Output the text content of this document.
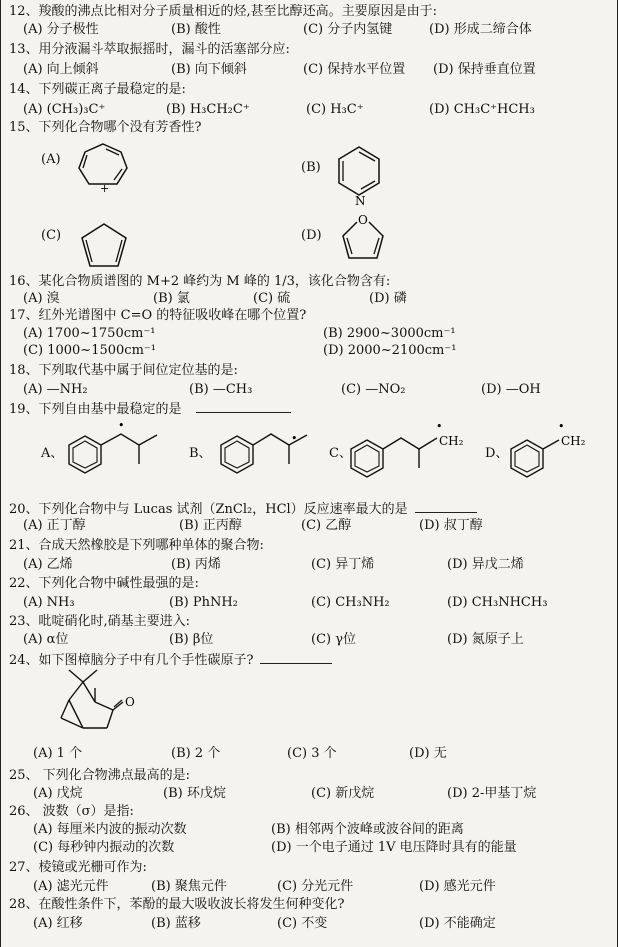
12、羧酸的沸点比相对分子质量相近的烃,甚至比醇还高。主要原因是由于:
(A) 分子极性	(B) 酸性	(C) 分子内氢键	(D) 形成二缔合体
13、用分液漏斗萃取振摇时，漏斗的活塞部分应:
(A) 向上倾斜	(B) 向下倾斜	(C) 保持水平位置 (D) 保持垂直位置
14、下列碳正离子最稳定的是:
(A) (CH₃)₃C⁺	(B) H₃CH₂C⁺	(C) H₃C⁺	(D) CH₃C⁺HCH₃
15、下列化合物哪个没有芳香性?
(A)
+
(B)
N
(C)	(D)
O
16、某化合物质谱图的 M+2 峰约为 M 峰的 1/3，该化合物含有:
(A) 溴	(B) 氯	(C) 硫	(D) 磷
17、红外光谱图中 C=O 的特征吸收峰在哪个位置?
(A) 1700~1750cm⁻¹	(B) 2900~3000cm⁻¹
(C) 1000~1500cm⁻¹	(D) 2000~2100cm⁻¹
18、下列取代基中属于间位定位基的是:
(A) —NH₂	(B) —CH₃	(C) —NO₂	(D) —OH
19、下列自由基中最稳定的是
A、
•
B、
•
C、
•
CH₂
D、
•
CH₂
20、下列化合物中与 Lucas 试剂（ZnCl₂，HCl）反应速率最大的是
(A) 正丁醇	(B) 正丙醇	(C) 乙醇	(D) 叔丁醇
21、合成天然橡胶是下列哪种单体的聚合物:
(A) 乙烯	(B) 丙烯	(C) 异丁烯	(D) 异戊二烯
22、下列化合物中碱性最强的是:
(A) NH₃	(B) PhNH₂	(C) CH₃NH₂	(D) CH₃NHCH₃
23、吡啶硝化时,硝基主要进入:
(A) α位	(B) β位	(C) γ位	(D) 氮原子上
24、如下图樟脑分子中有几个手性碳原子?
O
(A) 1 个	(B) 2 个	(C) 3 个	(D) 无
25、 下列化合物沸点最高的是:
(A) 戊烷	(B) 环戊烷	(C) 新戊烷	(D) 2-甲基丁烷
26、 波数（σ）是指:
(A) 每厘米内波的振动次数	(B) 相邻两个波峰或波谷间的距离
(C) 每秒钟内振动的次数	(D) 一个电子通过 1V 电压降时具有的能量
27、棱镜或光栅可作为:
(A) 滤光元件	(B) 聚焦元件	(C) 分光元件	(D) 感光元件
28、在酸性条件下，苯酚的最大吸收波长将发生何种变化?
(A) 红移	(B) 蓝移	(C) 不变	(D) 不能确定
